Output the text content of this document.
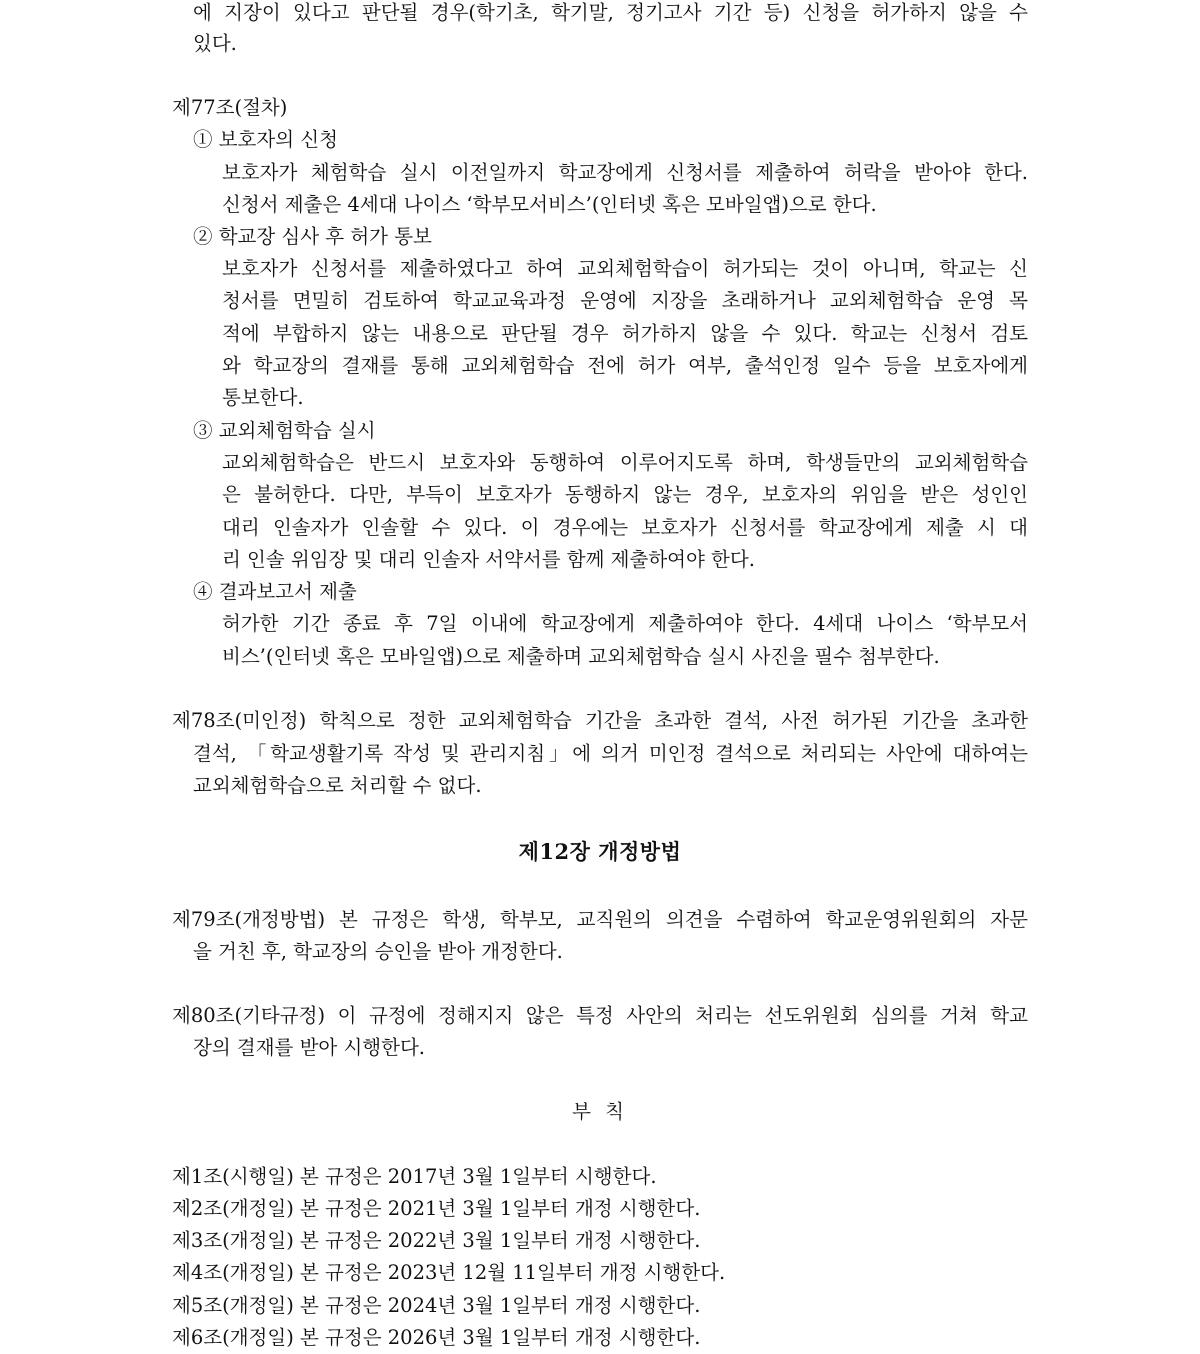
에 지장이 있다고 판단될 경우(학기초, 학기말, 정기고사 기간 등) 신청을 허가하지 않을 수
있다.
제77조(절차)
① 보호자의 신청
보호자가 체험학습 실시 이전일까지 학교장에게 신청서를 제출하여 허락을 받아야 한다.
신청서 제출은 4세대 나이스 ‘학부모서비스’(인터넷 혹은 모바일앱)으로 한다.
② 학교장 심사 후 허가 통보
보호자가 신청서를 제출하였다고 하여 교외체험학습이 허가되는 것이 아니며, 학교는 신
청서를 면밀히 검토하여 학교교육과정 운영에 지장을 초래하거나 교외체험학습 운영 목
적에 부합하지 않는 내용으로 판단될 경우 허가하지 않을 수 있다. 학교는 신청서 검토
와 학교장의 결재를 통해 교외체험학습 전에 허가 여부, 출석인정 일수 등을 보호자에게
통보한다.
③ 교외체험학습 실시
교외체험학습은 반드시 보호자와 동행하여 이루어지도록 하며, 학생들만의 교외체험학습
은 불허한다. 다만, 부득이 보호자가 동행하지 않는 경우, 보호자의 위임을 받은 성인인
대리 인솔자가 인솔할 수 있다. 이 경우에는 보호자가 신청서를 학교장에게 제출 시 대
리 인솔 위임장 및 대리 인솔자 서약서를 함께 제출하여야 한다.
④ 결과보고서 제출
허가한 기간 종료 후 7일 이내에 학교장에게 제출하여야 한다. 4세대 나이스 ‘학부모서
비스’(인터넷 혹은 모바일앱)으로 제출하며 교외체험학습 실시 사진을 필수 첨부한다.
제78조(미인정) 학칙으로 정한 교외체험학습 기간을 초과한 결석, 사전 허가된 기간을 초과한
결석, 「학교생활기록 작성 및 관리지침」에 의거 미인정 결석으로 처리되는 사안에 대하여는
교외체험학습으로 처리할 수 없다.
제12장 개정방법
제79조(개정방법) 본 규정은 학생, 학부모, 교직원의 의견을 수렴하여 학교운영위원회의 자문
을 거친 후, 학교장의 승인을 받아 개정한다.
제80조(기타규정) 이 규정에 정해지지 않은 특정 사안의 처리는 선도위원회 심의를 거쳐 학교
장의 결재를 받아 시행한다.
부 칙
제1조(시행일) 본 규정은 2017년 3월 1일부터 시행한다.
제2조(개정일) 본 규정은 2021년 3월 1일부터 개정 시행한다.
제3조(개정일) 본 규정은 2022년 3월 1일부터 개정 시행한다.
제4조(개정일) 본 규정은 2023년 12월 11일부터 개정 시행한다.
제5조(개정일) 본 규정은 2024년 3월 1일부터 개정 시행한다.
제6조(개정일) 본 규정은 2026년 3월 1일부터 개정 시행한다.
